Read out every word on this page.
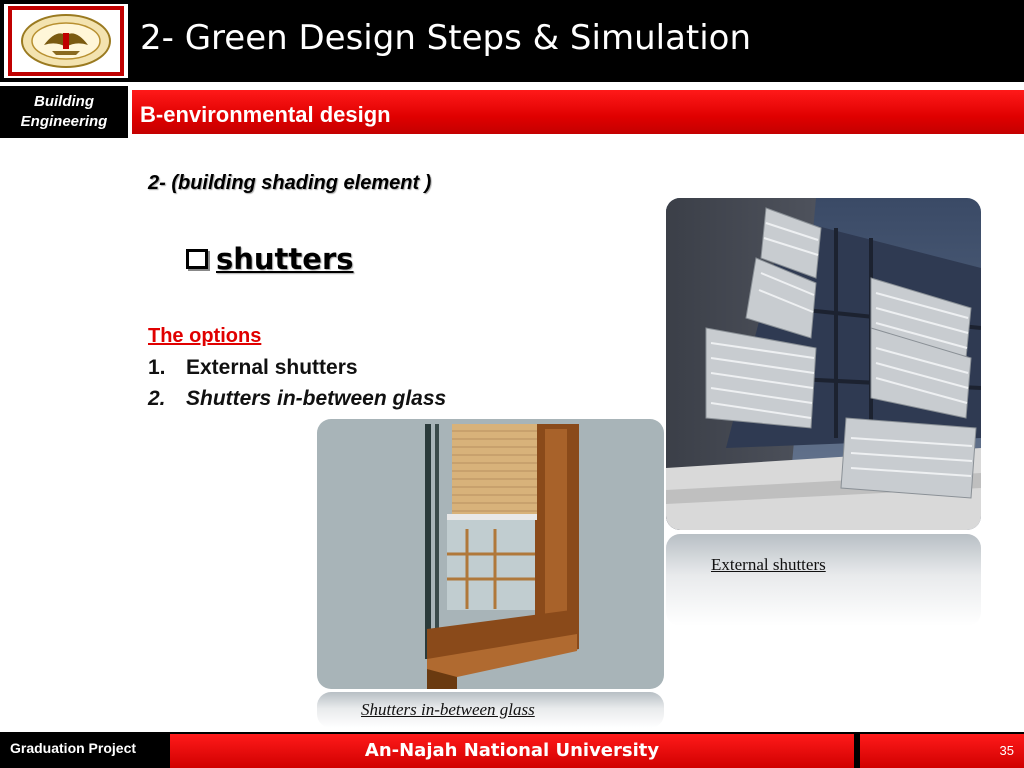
2- Green Design Steps & Simulation
Building Engineering	B-environmental design
2- (building shading element )
shutters
The options
1. External shutters
2. Shutters in-between glass
External shutters
Shutters in-between glass
Graduation Project	An-Najah National University	35
